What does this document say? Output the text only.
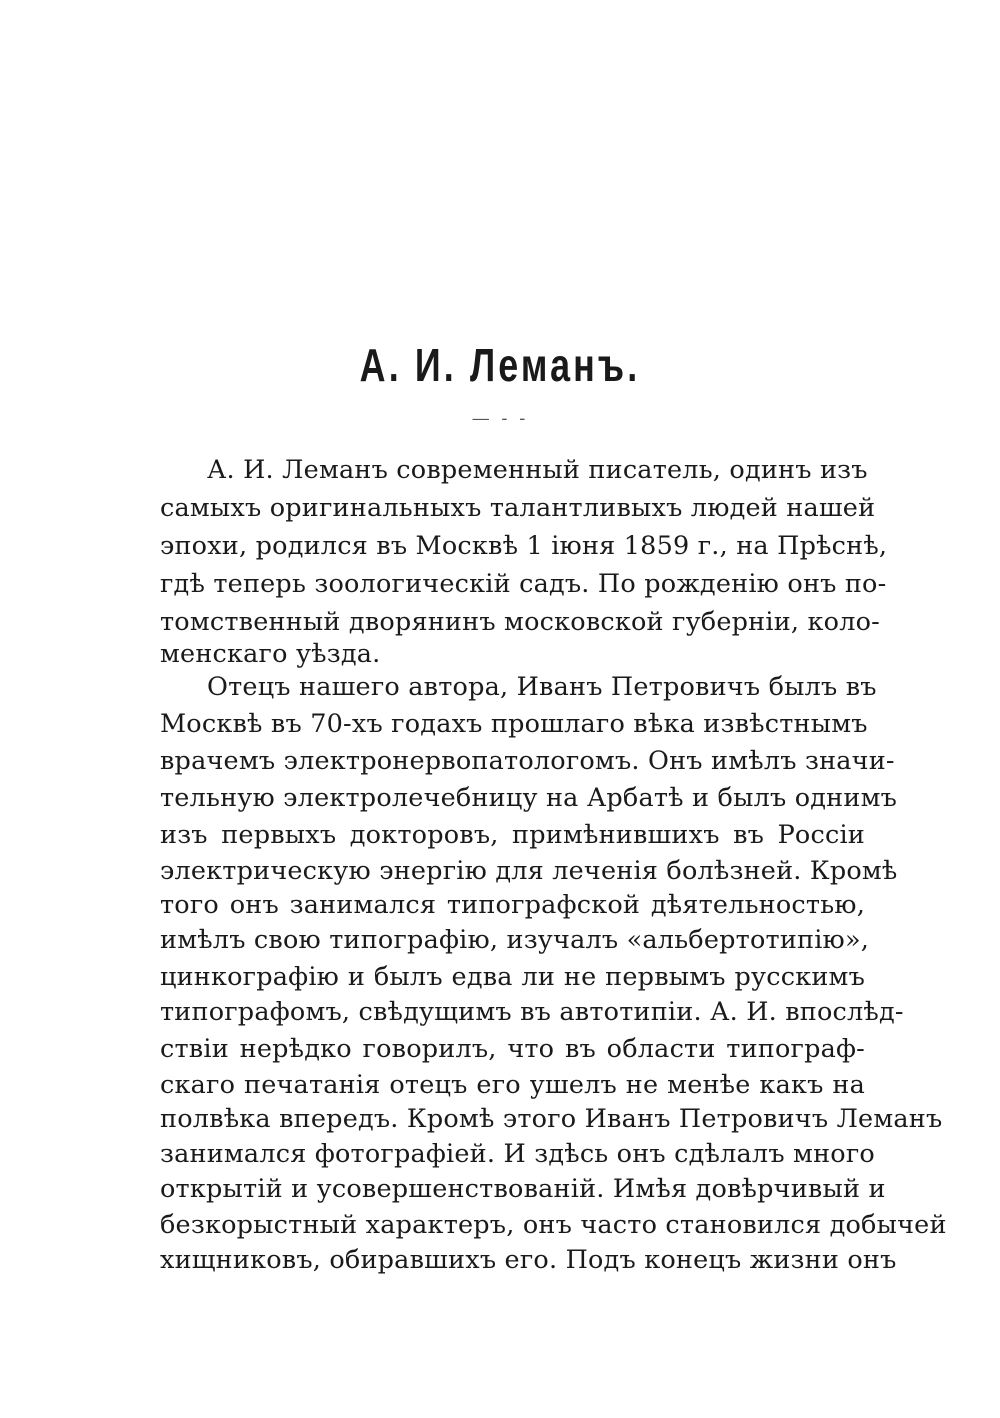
А. И. Леманъ.
— - -
А. И. Леманъ современный писатель, одинъ изъ
самыхъ оригинальныхъ талантливыхъ людей нашей
эпохи, родился въ Москвѣ 1 іюня 1859 г., на Прѣснѣ,
гдѣ теперь зоологическій садъ. По рожденію онъ по-
томственный дворянинъ московской губерніи, коло-
менскаго уѣзда.
Отецъ нашего автора, Иванъ Петровичъ былъ въ
Москвѣ въ 70-хъ годахъ прошлаго вѣка извѣстнымъ
врачемъ электронервопатологомъ. Онъ имѣлъ значи-
тельную электролечебницу на Арбатѣ и былъ однимъ
изъ первыхъ докторовъ, примѣнившихъ въ Россіи
электрическую энергію для леченія болѣзней. Кромѣ
того онъ занимался типографской дѣятельностью,
имѣлъ свою типографію, изучалъ «альбертотипію»,
цинкографію и былъ едва ли не первымъ русскимъ
типографомъ, свѣдущимъ въ автотипіи. А. И. впослѣд-
ствіи нерѣдко говорилъ, что въ области типограф-
скаго печатанія отецъ его ушелъ не менѣе какъ на
полвѣка впередъ. Кромѣ этого Иванъ Петровичъ Леманъ
занимался фотографіей. И здѣсь онъ сдѣлалъ много
открытій и усовершенствованій. Имѣя довѣрчивый и
безкорыстный характеръ, онъ часто становился добычей
хищниковъ, обиравшихъ его. Подъ конецъ жизни онъ
